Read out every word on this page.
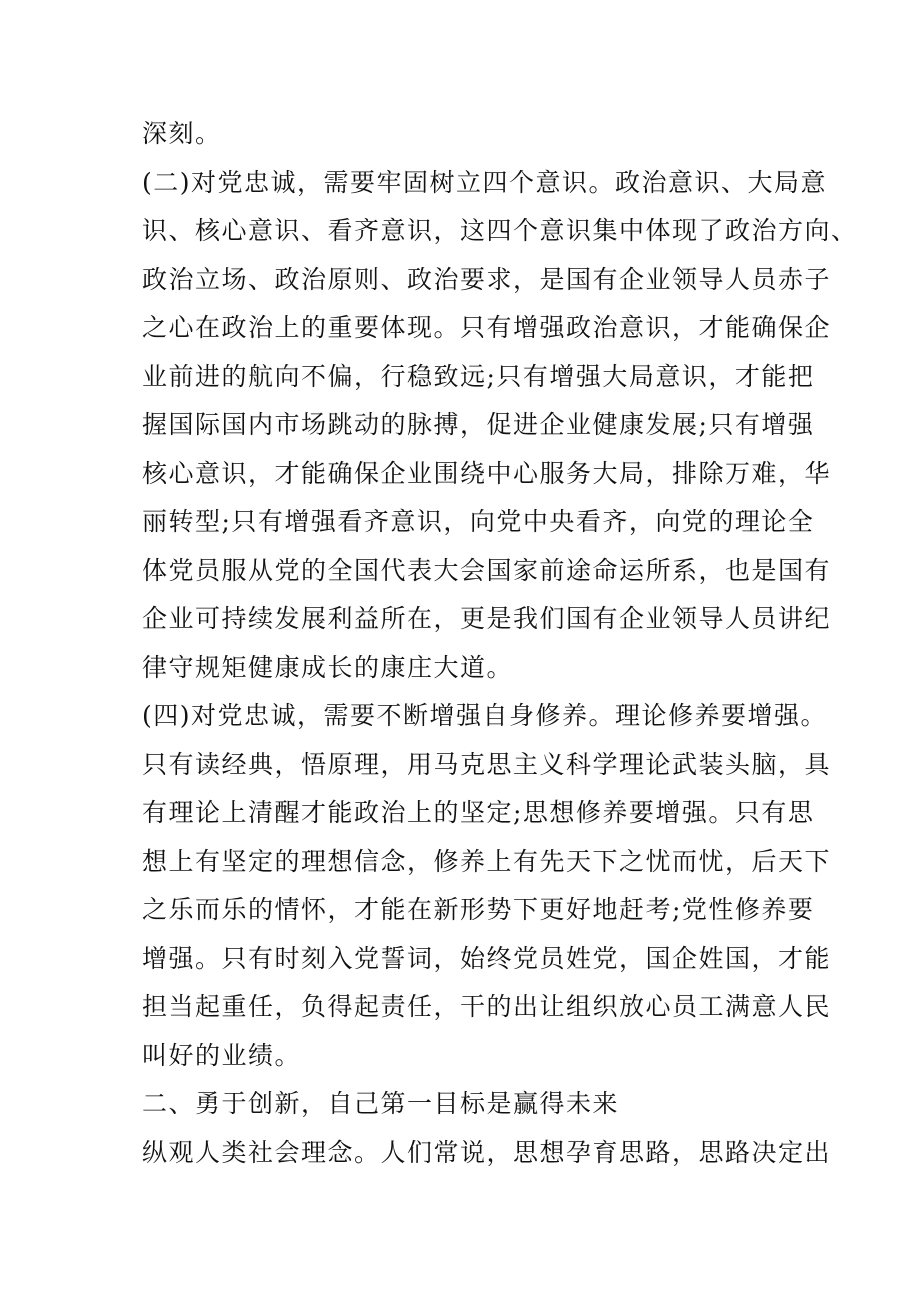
深刻。
(二)对党忠诚，需要牢固树立四个意识。政治意识、大局意
识、核心意识、看齐意识，这四个意识集中体现了政治方向、
政治立场、政治原则、政治要求，是国有企业领导人员赤子
之心在政治上的重要体现。只有增强政治意识，才能确保企
业前进的航向不偏，行稳致远;只有增强大局意识，才能把
握国际国内市场跳动的脉搏，促进企业健康发展;只有增强
核心意识，才能确保企业围绕中心服务大局，排除万难，华
丽转型;只有增强看齐意识，向党中央看齐，向党的理论全
体党员服从党的全国代表大会国家前途命运所系，也是国有
企业可持续发展利益所在，更是我们国有企业领导人员讲纪
律守规矩健康成长的康庄大道。
(四)对党忠诚，需要不断增强自身修养。理论修养要增强。
只有读经典，悟原理，用马克思主义科学理论武装头脑，具
有理论上清醒才能政治上的坚定;思想修养要增强。只有思
想上有坚定的理想信念，修养上有先天下之忧而忧，后天下
之乐而乐的情怀，才能在新形势下更好地赶考;党性修养要
增强。只有时刻入党誓词，始终党员姓党，国企姓国，才能
担当起重任，负得起责任，干的出让组织放心员工满意人民
叫好的业绩。
二、勇于创新，自己第一目标是赢得未来
纵观人类社会理念。人们常说，思想孕育思路，思路决定出
